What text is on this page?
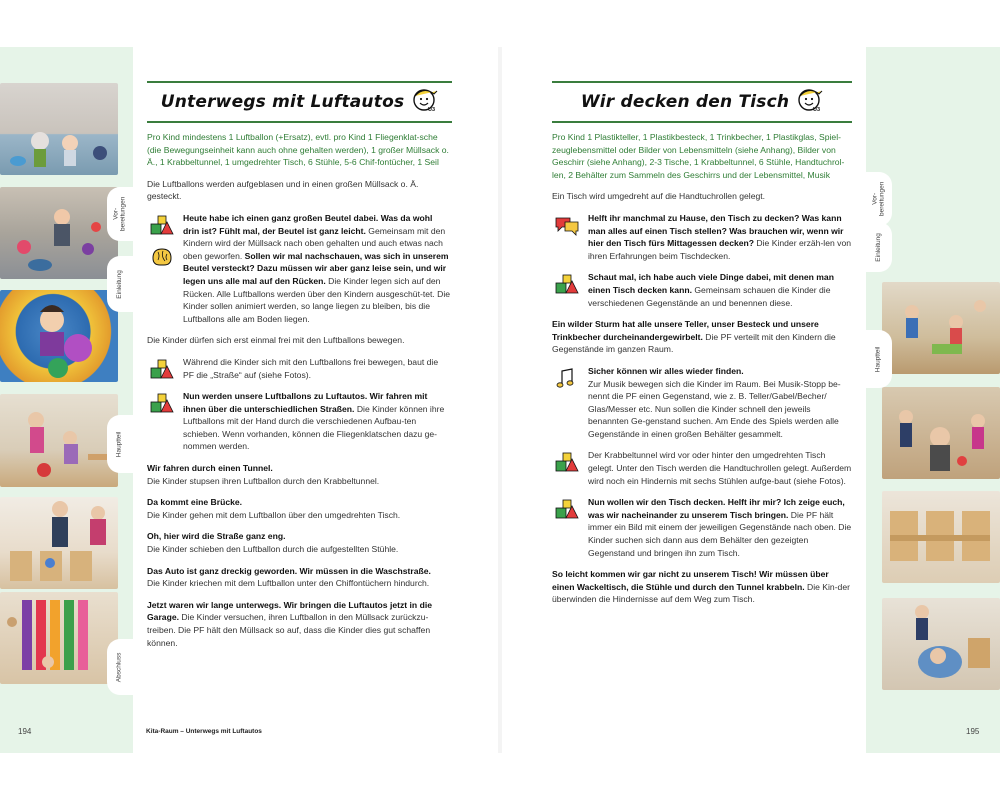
Vor-
bereitungen
Einleitung
Hauptteil
Abschluss
Vor-
bereitungen
Einleitung
Hauptteil
Unterwegs mit Luftautos	U3

Pro Kind mindestens 1 Luftballon (+Ersatz), evtl. pro Kind 1 Fliegenklat-sche (die Bewegungseinheit kann auch ohne gehalten werden), 1 großer Müllsack o. Ä., 1 Krabbeltunnel, 1 umgedrehter Tisch, 6 Stühle, 5-6 Chif-fontücher, 1 Seil

Die Luftballons werden aufgeblasen und in einen großen Müllsack o. Ä. gesteckt.

Heute habe ich einen ganz großen Beutel dabei. Was da wohl drin ist? Fühlt mal, der Beutel ist ganz leicht. Gemeinsam mit den Kindern wird der Müllsack nach oben gehalten und auch etwas nach oben geworfen. Sollen wir mal nachschauen, was sich in unserem Beutel versteckt? Dazu müssen wir aber ganz leise sein, und wir legen uns alle mal auf den Rücken. Die Kinder legen sich auf den Rücken. Alle Luftballons werden über den Kindern ausgeschüt-tet. Die Kinder sollen animiert werden, so lange liegen zu bleiben, bis die Luftballons alle am Boden liegen.

Die Kinder dürfen sich erst einmal frei mit den Luftballons bewegen.

Während die Kinder sich mit den Luftballons frei bewegen, baut die PF die „Straße“ auf (siehe Fotos).
Nun werden unsere Luftballons zu Luftautos. Wir fahren mit ihnen über die unterschiedlichen Straßen. Die Kinder können ihre Luftballons mit der Hand durch die verschiedenen Aufbau-ten schieben. Wenn vorhanden, können die Fliegenklatschen dazu ge-nommen werden.

Wir fahren durch einen Tunnel.
Die Kinder stupsen ihren Luftballon durch den Krabbeltunnel.

Da kommt eine Brücke.
Die Kinder gehen mit dem Luftballon über den umgedrehten Tisch.

Oh, hier wird die Straße ganz eng.
Die Kinder schieben den Luftballon durch die aufgestellten Stühle.

Das Auto ist ganz dreckig geworden. Wir müssen in die Waschstraße.
Die Kinder kriechen mit dem Luftballon unter den Chiffontüchern hindurch.

Jetzt waren wir lange unterwegs. Wir bringen die Luftautos jetzt in die Garage. Die Kinder versuchen, ihren Luftballon in den Müllsack zurückzu-treiben. Die PF hält den Müllsack so auf, dass die Kinder dies gut schaffen können.

Wir decken den Tisch	U3

Pro Kind 1 Plastikteller, 1 Plastikbesteck, 1 Trinkbecher, 1 Plastikglas, Spiel-zeuglebensmittel oder Bilder von Lebensmitteln (siehe Anhang), Bilder von Geschirr (siehe Anhang), 2-3 Tische, 1 Krabbeltunnel, 6 Stühle, Handtuchrol-len, 2 Behälter zum Sammeln des Geschirrs und der Lebensmittel, Musik

Ein Tisch wird umgedreht auf die Handtuchrollen gelegt.

Helft ihr manchmal zu Hause, den Tisch zu decken? Was kann man alles auf einen Tisch stellen? Was brauchen wir, wenn wir hier den Tisch fürs Mittagessen decken? Die Kinder erzäh-len von ihren Erfahrungen beim Tischdecken.
Schaut mal, ich habe auch viele Dinge dabei, mit denen man einen Tisch decken kann. Gemeinsam schauen die Kinder die verschiedenen Gegenstände an und benennen diese.

Ein wilder Sturm hat alle unsere Teller, unser Besteck und unsere Trinkbecher durcheinandergewirbelt. Die PF verteilt mit den Kindern die Gegenstände im ganzen Raum.

Sicher können wir alles wieder finden.
Zur Musik bewegen sich die Kinder im Raum. Bei Musik-Stopp be-nennt die PF einen Gegenstand, wie z. B. Teller/Gabel/Becher/ Glas/Messer etc. Nun sollen die Kinder schnell den jeweils benannten Ge-genstand suchen. Am Ende des Spiels werden alle Gegenstände in einen großen Behälter gesammelt.
Der Krabbeltunnel wird vor oder hinter den umgedrehten Tisch gelegt. Unter den Tisch werden die Handtuchrollen gelegt. Außerdem wird noch ein Hindernis mit sechs Stühlen aufge-baut (siehe Fotos).
Nun wollen wir den Tisch decken. Helft ihr mir? Ich zeige euch, was wir nacheinander zu unserem Tisch bringen. Die PF hält immer ein Bild mit einem der jeweiligen Gegenstände nach oben. Die Kinder suchen sich dann aus dem Behälter den gezeigten Gegenstand und bringen ihn zum Tisch.

So leicht kommen wir gar nicht zu unserem Tisch! Wir müssen über einen Wackeltisch, die Stühle und durch den Tunnel krabbeln. Die Kin-der überwinden die Hindernisse auf dem Weg zum Tisch.

194	Kita-Raum – Unterwegs mit Luftautos	195
